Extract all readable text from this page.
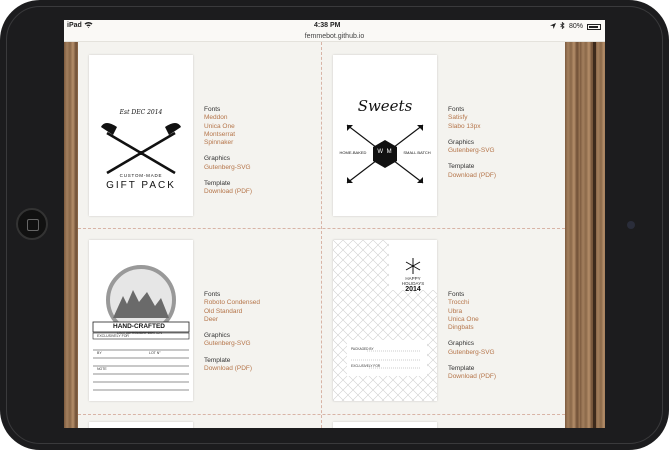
iPad	4:38 PM	80%
femmebot.github.io
Est DEC 2014
CUSTOM-MADE
GIFT PACK
Fonts
Meddon
Unica One
Montserrat
Spinnaker
Graphics
Gutenberg-SVG
Template
Download (PDF)
Sweets
W M
HOME-BAKED	SMALL BATCH
Fonts
Satisfy
Slabo 13px
Graphics
Gutenberg-SVG
Template
Download (PDF)
HAND-CRAFTED
LIMITED HOLIDAY EDITION
EXCLUSIVELY FOR
BY	LOT N°
NOTE
Fonts
Roboto Condensed
Old Standard
Deer
Graphics
Gutenberg-SVG
Template
Download (PDF)
HAPPY
HOLIDAYS
2014
PACKAGED BY
EXCLUSIVELY FOR
Fonts
Trocchi
Ubra
Unica One
Dingbats
Graphics
Gutenberg-SVG
Template
Download (PDF)
